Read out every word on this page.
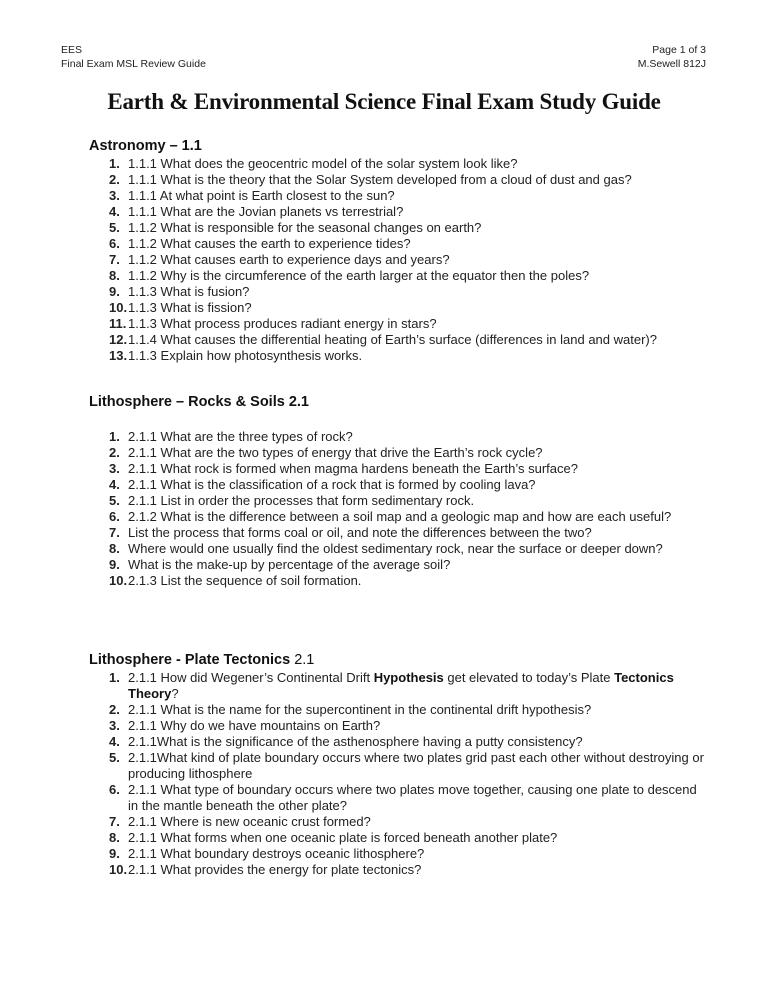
EES
Final Exam MSL Review Guide
Page 1 of 3
M.Sewell 812J
Earth & Environmental Science Final Exam Study Guide
Astronomy – 1.1
1. 1.1.1 What does the geocentric model of the solar system look like?
2. 1.1.1 What is the theory that the Solar System developed from a cloud of dust and gas?
3. 1.1.1 At what point is Earth closest to the sun?
4. 1.1.1 What are the Jovian planets vs terrestrial?
5. 1.1.2 What is responsible for the seasonal changes on earth?
6. 1.1.2 What causes the earth to experience tides?
7. 1.1.2 What causes earth to experience days and years?
8. 1.1.2 Why is the circumference of the earth larger at the equator then the poles?
9. 1.1.3 What is fusion?
10. 1.1.3 What is fission?
11. 1.1.3 What process produces radiant energy in stars?
12. 1.1.4 What causes the differential heating of Earth’s surface (differences in land and water)?
13. 1.1.3 Explain how photosynthesis works.
Lithosphere – Rocks & Soils 2.1
1. 2.1.1 What are the three types of rock?
2. 2.1.1 What are the two types of energy that drive the Earth’s rock cycle?
3. 2.1.1 What rock is formed when magma hardens beneath the Earth’s surface?
4. 2.1.1 What is the classification of a rock that is formed by cooling lava?
5. 2.1.1 List in order the processes that form sedimentary rock.
6. 2.1.2 What is the difference between a soil map and a geologic map and how are each useful?
7. List the process that forms coal or oil, and note the differences between the two?
8. Where would one usually find the oldest sedimentary rock, near the surface or deeper down?
9. What is the make-up by percentage of the average soil?
10. 2.1.3 List the sequence of soil formation.
Lithosphere - Plate Tectonics 2.1
1. 2.1.1 How did Wegener’s Continental Drift Hypothesis get elevated to today’s Plate Tectonics Theory?
2. 2.1.1 What is the name for the supercontinent in the continental drift hypothesis?
3. 2.1.1 Why do we have mountains on Earth?
4. 2.1.1What is the significance of the asthenosphere having a putty consistency?
5. 2.1.1What kind of plate boundary occurs where two plates grid past each other without destroying or producing lithosphere
6. 2.1.1 What type of boundary occurs where two plates move together, causing one plate to descend in the mantle beneath the other plate?
7. 2.1.1 Where is new oceanic crust formed?
8. 2.1.1 What forms when one oceanic plate is forced beneath another plate?
9. 2.1.1 What boundary destroys oceanic lithosphere?
10. 2.1.1 What provides the energy for plate tectonics?
